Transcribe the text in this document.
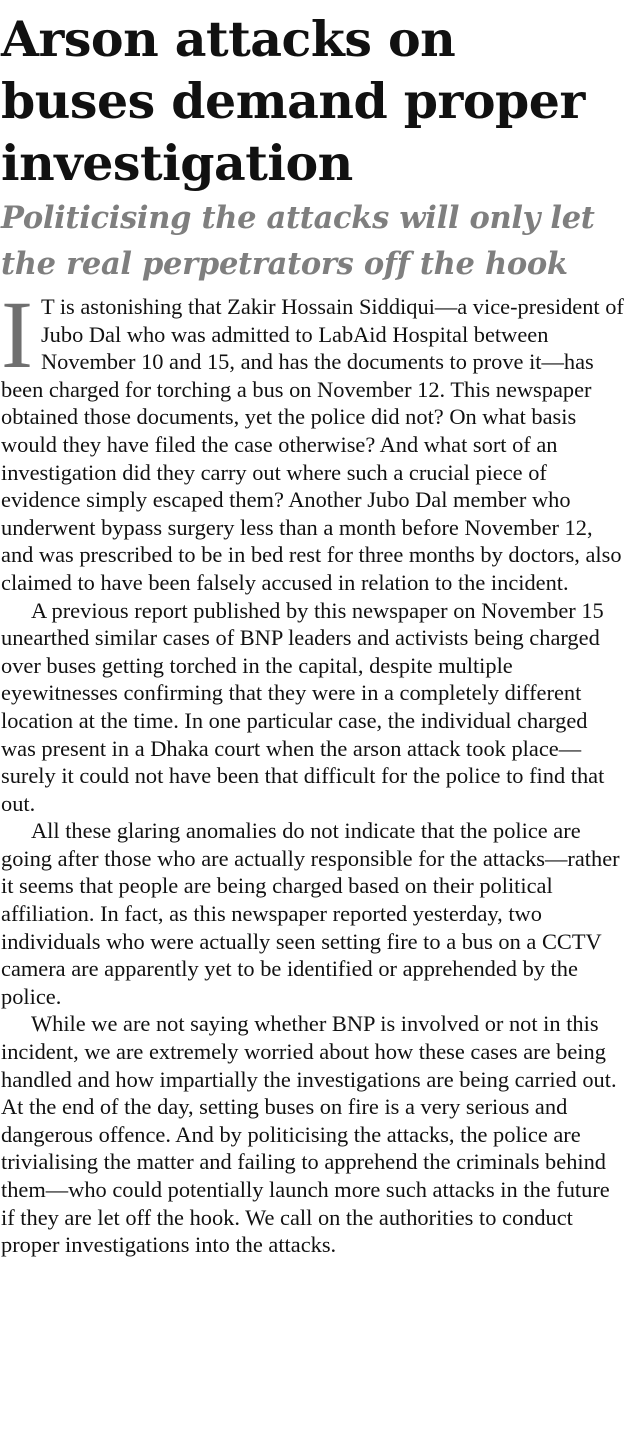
Arson attacks on buses demand proper investigation
Politicising the attacks will only let the real perpetrators off the hook

I T is astonishing that Zakir Hossain Siddiqui—a vice-president of Jubo Dal who was admitted to LabAid Hospital between November 10 and 15, and has the documents to prove it—has been charged for torching a bus on November 12. This newspaper obtained those documents, yet the police did not? On what basis would they have filed the case otherwise? And what sort of an investigation did they carry out where such a crucial piece of evidence simply escaped them? Another Jubo Dal member who underwent bypass surgery less than a month before November 12, and was prescribed to be in bed rest for three months by doctors, also claimed to have been falsely accused in relation to the incident.

A previous report published by this newspaper on November 15 unearthed similar cases of BNP leaders and activists being charged over buses getting torched in the capital, despite multiple eyewitnesses confirming that they were in a completely different location at the time. In one particular case, the individual charged was present in a Dhaka court when the arson attack took place—surely it could not have been that difficult for the police to find that out.

All these glaring anomalies do not indicate that the police are going after those who are actually responsible for the attacks—rather it seems that people are being charged based on their political affiliation. In fact, as this newspaper reported yesterday, two individuals who were actually seen setting fire to a bus on a CCTV camera are apparently yet to be identified or apprehended by the police.

While we are not saying whether BNP is involved or not in this incident, we are extremely worried about how these cases are being handled and how impartially the investigations are being carried out. At the end of the day, setting buses on fire is a very serious and dangerous offence. And by politicising the attacks, the police are trivialising the matter and failing to apprehend the criminals behind them—who could potentially launch more such attacks in the future if they are let off the hook. We call on the authorities to conduct proper investigations into the attacks.
